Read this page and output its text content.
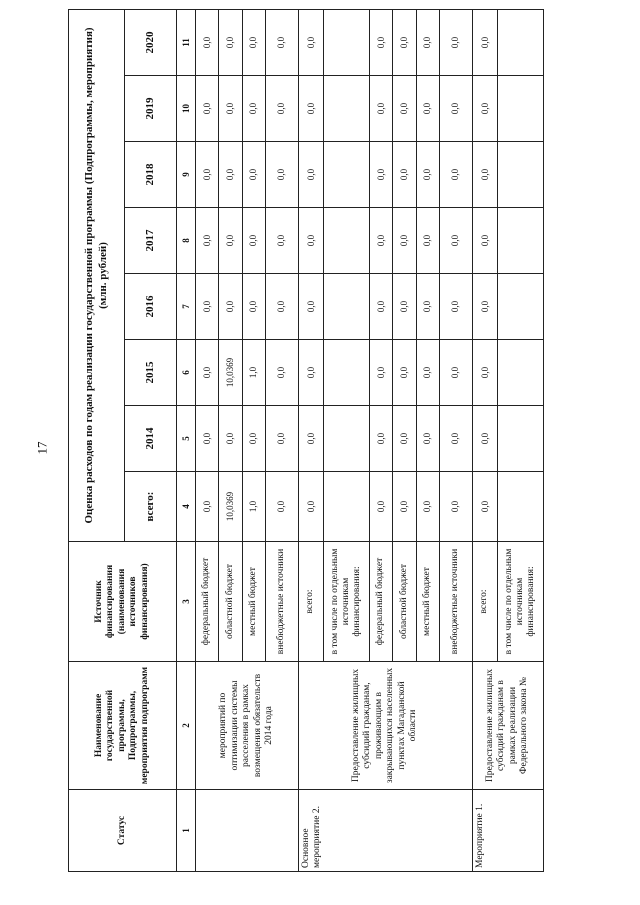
17
Статус	Наименование государственной программы, Подпрограммы, мероприятия подпрограмм	Источник финансирования (наименования источников финансирования)	Оценка расходов по годам реализации государственной программы (Подпрограммы, мероприятия) (млн. рублей)							
			всего:	2014	2015	2016	2017	2018	2019	2020
1	2	3	4	5	6	7	8	9	10	11
	мероприятий по оптимизации системы расселения в рамках возмещения обязательств 2014 года	федеральный бюджет	0,0	0,0	0,0	0,0	0,0	0,0	0,0	0,0
		областной бюджет	10,0369	0,0	10,0369	0,0	0,0	0,0	0,0	0,0
		местный бюджет	1,0	0,0	1,0	0,0	0,0	0,0	0,0	0,0
		внебюджетные источники	0,0	0,0	0,0	0,0	0,0	0,0	0,0	0,0
Основное мероприятие 2.	Предоставление жилищных субсидий гражданам, проживающим в закрывающихся населенных пунктах Магаданской области	всего:	0,0	0,0	0,0	0,0	0,0	0,0	0,0	0,0
		в том числе по отдельным источникам финансирования:								
		федеральный бюджет	0,0	0,0	0,0	0,0	0,0	0,0	0,0	0,0
		областной бюджет	0,0	0,0	0,0	0,0	0,0	0,0	0,0	0,0
		местный бюджет	0,0	0,0	0,0	0,0	0,0	0,0	0,0	0,0
		внебюджетные источники	0,0	0,0	0,0	0,0	0,0	0,0	0,0	0,0
Мероприятие 1.	Предоставление жилищных субсидий гражданам в рамках реализации Федерального закона №	всего:	0,0	0,0	0,0	0,0	0,0	0,0	0,0	0,0
		в том числе по отдельным источникам финансирования:								
